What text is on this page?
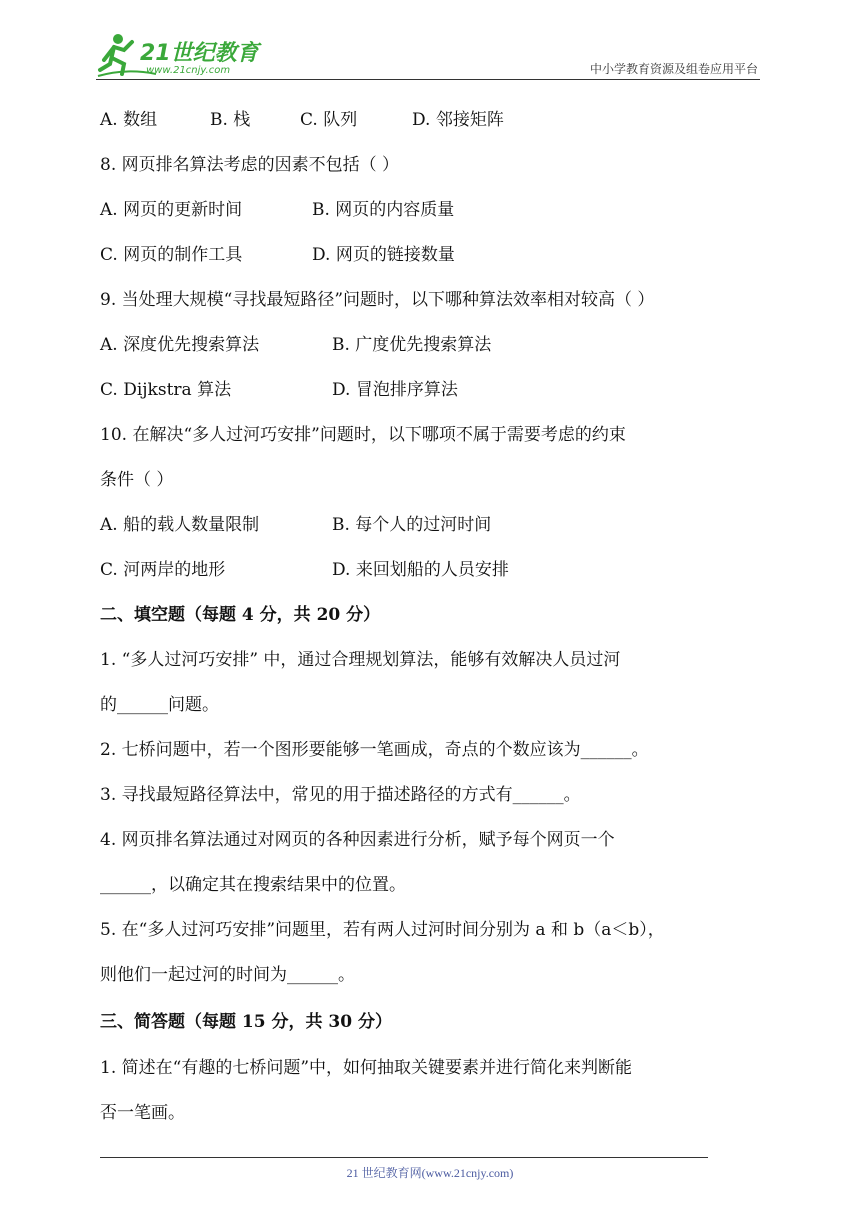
21世纪教育
www.21cnjy.com	中小学教育资源及组卷应用平台
A. 数组	B. 栈	C. 队列	D. 邻接矩阵
8. 网页排名算法考虑的因素不包括（ ）
A. 网页的更新时间	B. 网页的内容质量
C. 网页的制作工具	D. 网页的链接数量
9. 当处理大规模“寻找最短路径”问题时，以下哪种算法效率相对较高（ ）
A. 深度优先搜索算法	B. 广度优先搜索算法
C. Dijkstra 算法	D. 冒泡排序算法
10. 在解决“多人过河巧安排”问题时，以下哪项不属于需要考虑的约束
条件（ ）
A. 船的载人数量限制	B. 每个人的过河时间
C. 河两岸的地形	D. 来回划船的人员安排
二、填空题（每题 4 分，共 20 分）
1. “多人过河巧安排” 中，通过合理规划算法，能够有效解决人员过河
的______问题。
2. 七桥问题中，若一个图形要能够一笔画成，奇点的个数应该为______。
3. 寻找最短路径算法中，常见的用于描述路径的方式有______。
4. 网页排名算法通过对网页的各种因素进行分析，赋予每个网页一个
______，以确定其在搜索结果中的位置。
5. 在“多人过河巧安排”问题里，若有两人过河时间分别为 a 和 b（a＜b），
则他们一起过河的时间为______。
三、简答题（每题 15 分，共 30 分）
1. 简述在“有趣的七桥问题”中，如何抽取关键要素并进行简化来判断能
否一笔画。
21 世纪教育网(www.21cnjy.com)
